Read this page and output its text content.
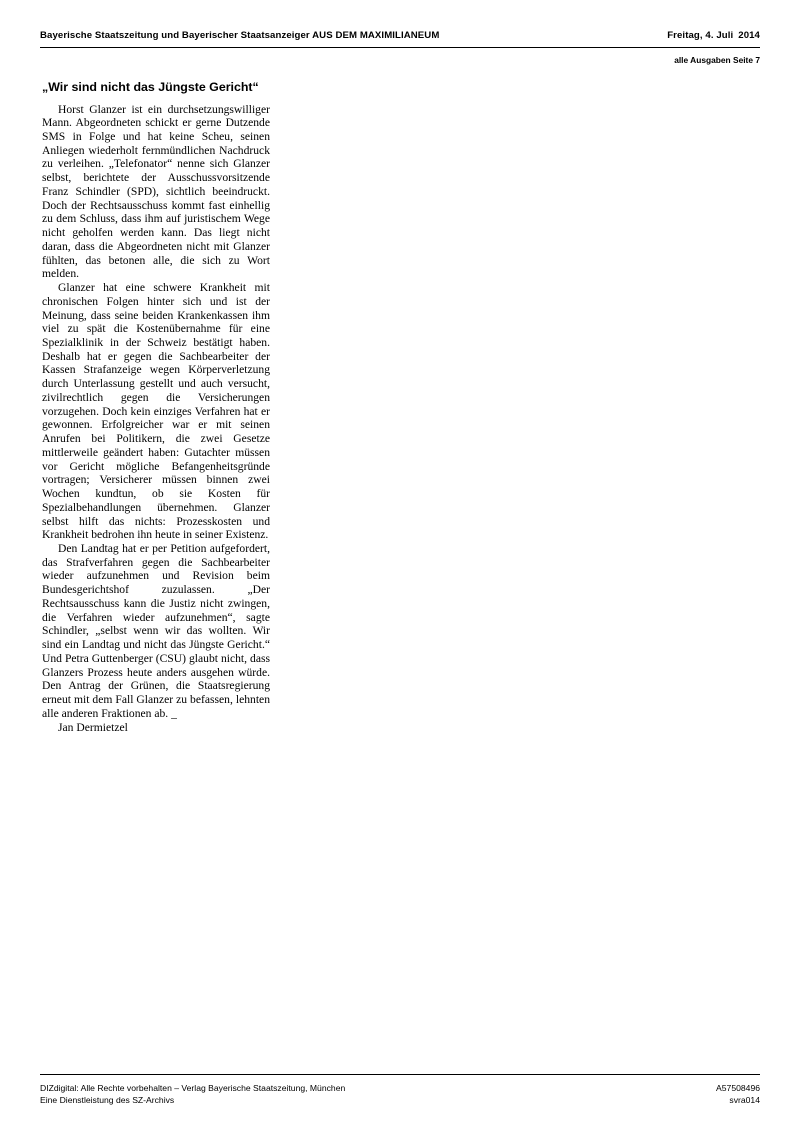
Bayerische Staatszeitung und Bayerischer Staatsanzeiger AUS DEM MAXIMILIANEUM	Freitag, 4. Juli 2014
alle Ausgaben Seite 7
„Wir sind nicht das Jüngste Gericht“

Horst Glanzer ist ein durchsetzungswilliger Mann. Abgeordneten schickt er gerne Dutzende SMS in Folge und hat keine Scheu, seinen Anliegen wiederholt fernmündlichen Nachdruck zu verleihen. „Telefonator“ nenne sich Glanzer selbst, berichtete der Ausschussvorsitzende Franz Schindler (SPD), sichtlich beeindruckt. Doch der Rechtsausschuss kommt fast einhellig zu dem Schluss, dass ihm auf juristischem Wege nicht geholfen werden kann. Das liegt nicht daran, dass die Abgeordneten nicht mit Glanzer fühlten, das betonen alle, die sich zu Wort melden.

Glanzer hat eine schwere Krankheit mit chronischen Folgen hinter sich und ist der Meinung, dass seine beiden Krankenkassen ihm viel zu spät die Kostenübernahme für eine Spezialklinik in der Schweiz bestätigt haben. Deshalb hat er gegen die Sachbearbeiter der Kassen Strafanzeige wegen Körperverletzung durch Unterlassung gestellt und auch versucht, zivilrechtlich gegen die Versicherungen vorzugehen. Doch kein einziges Verfahren hat er gewonnen. Erfolgreicher war er mit seinen Anrufen bei Politikern, die zwei Gesetze mittlerweile geändert haben: Gutachter müssen vor Gericht mögliche Befangenheitsgründe vortragen; Versicherer müssen binnen zwei Wochen kundtun, ob sie Kosten für Spezialbehandlungen übernehmen. Glanzer selbst hilft das nichts: Prozesskosten und Krankheit bedrohen ihn heute in seiner Existenz.

Den Landtag hat er per Petition aufgefordert, das Strafverfahren gegen die Sachbearbeiter wieder aufzunehmen und Revision beim Bundesgerichtshof zuzulassen. „Der Rechtsausschuss kann die Justiz nicht zwingen, die Verfahren wieder aufzunehmen“, sagte Schindler, „selbst wenn wir das wollten. Wir sind ein Landtag und nicht das Jüngste Gericht.“ Und Petra Guttenberger (CSU) glaubt nicht, dass Glanzers Prozess heute anders ausgehen würde. Den Antrag der Grünen, die Staatsregierung erneut mit dem Fall Glanzer zu befassen, lehnten alle anderen Fraktionen ab. _

Jan Dermietzel

DIZdigital: Alle Rechte vorbehalten – Verlag Bayerische Staatszeitung, München
Eine Dienstleistung des SZ-Archivs
A57508496
svra014
